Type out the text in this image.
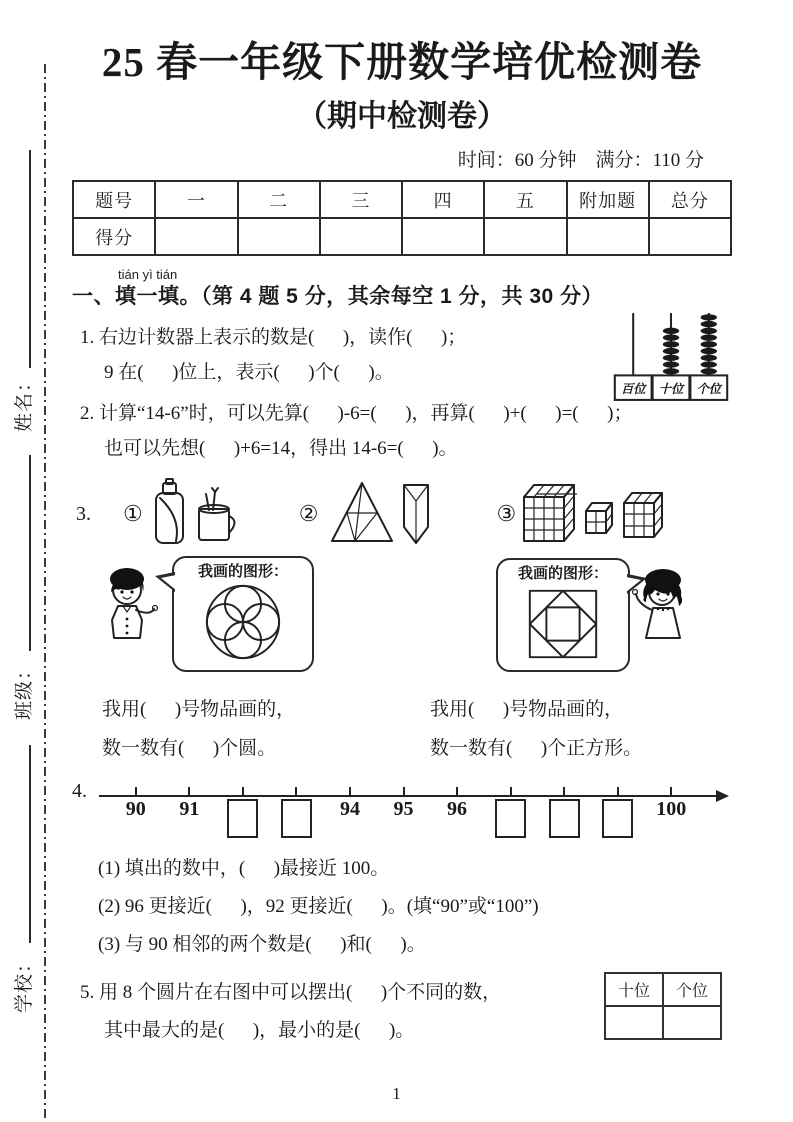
姓名：
班级：
学校：
25 春一年级下册数学培优检测卷
（期中检测卷）
时间：60 分钟    满分：110 分
题号	一	二	三	四	五	附加题	总分
得分							
tián yì tián
一、填一填。（第 4 题 5 分，其余每空 1 分，共 30 分）
1. 右边计数器上表示的数是(      )，读作(      )；
9 在(      )位上，表示(      )个(      )。
百位 十位 个位
2. 计算“14-6”时，可以先算(      )-6=(      )，再算(      )+(      )=(      )；
也可以先想(      )+6=14，得出 14-6=(      )。
3. ①	②	③
我画的图形：	我画的图形：
我用(      )号物品画的，
数一数有(      )个圆。
我用(      )号物品画的，
数一数有(      )个正方形。
4.
90 91	94 95 96	100
(1) 填出的数中，(      )最接近 100。
(2) 96 更接近(      )，92 更接近(      )。(填“90”或“100”)
(3) 与 90 相邻的两个数是(      )和(      )。
5. 用 8 个圆片在右图中可以摆出(      )个不同的数，
其中最大的是(      )，最小的是(      )。
十位	个位

1
